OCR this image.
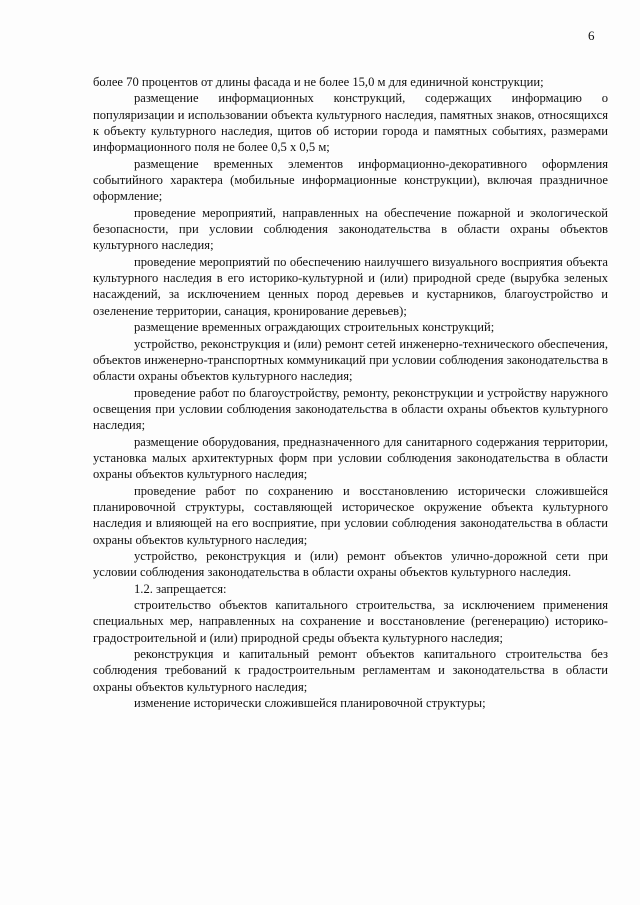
6

более 70 процентов от длины фасада и не более 15,0 м для единичной конструкции;

размещение информационных конструкций, содержащих информацию о популяризации и использовании объекта культурного наследия, памятных знаков, относящихся к объекту культурного наследия, щитов об истории города и памятных событиях, размерами информационного поля не более 0,5 х 0,5 м;

размещение временных элементов информационно-декоративного оформления событийного характера (мобильные информационные конструкции), включая праздничное оформление;

проведение мероприятий, направленных на обеспечение пожарной и экологической безопасности, при условии соблюдения законодательства в области охраны объектов культурного наследия;

проведение мероприятий по обеспечению наилучшего визуального восприятия объекта культурного наследия в его историко-культурной и (или) природной среде (вырубка зеленых насаждений, за исключением ценных пород деревьев и кустарников, благоустройство и озеленение территории, санация, кронирование деревьев);

размещение временных ограждающих строительных конструкций;

устройство, реконструкция и (или) ремонт сетей инженерно-технического обеспечения, объектов инженерно-транспортных коммуникаций при условии соблюдения законодательства в области охраны объектов культурного наследия;

проведение работ по благоустройству, ремонту, реконструкции и устройству наружного освещения при условии соблюдения законодательства в области охраны объектов культурного наследия;

размещение оборудования, предназначенного для санитарного содержания территории, установка малых архитектурных форм при условии соблюдения законодательства в области охраны объектов культурного наследия;

проведение работ по сохранению и восстановлению исторически сложившейся планировочной структуры, составляющей историческое окружение объекта культурного наследия и влияющей на его восприятие, при условии соблюдения законодательства в области охраны объектов культурного наследия;

устройство, реконструкция и (или) ремонт объектов улично-дорожной сети при условии соблюдения законодательства в области охраны объектов культурного наследия.

1.2. запрещается:

строительство объектов капитального строительства, за исключением применения специальных мер, направленных на сохранение и восстановление (регенерацию) историко-градостроительной и (или) природной среды объекта культурного наследия;

реконструкция и капитальный ремонт объектов капитального строительства без соблюдения требований к градостроительным регламентам и законодательства в области охраны объектов культурного наследия;

изменение исторически сложившейся планировочной структуры;
